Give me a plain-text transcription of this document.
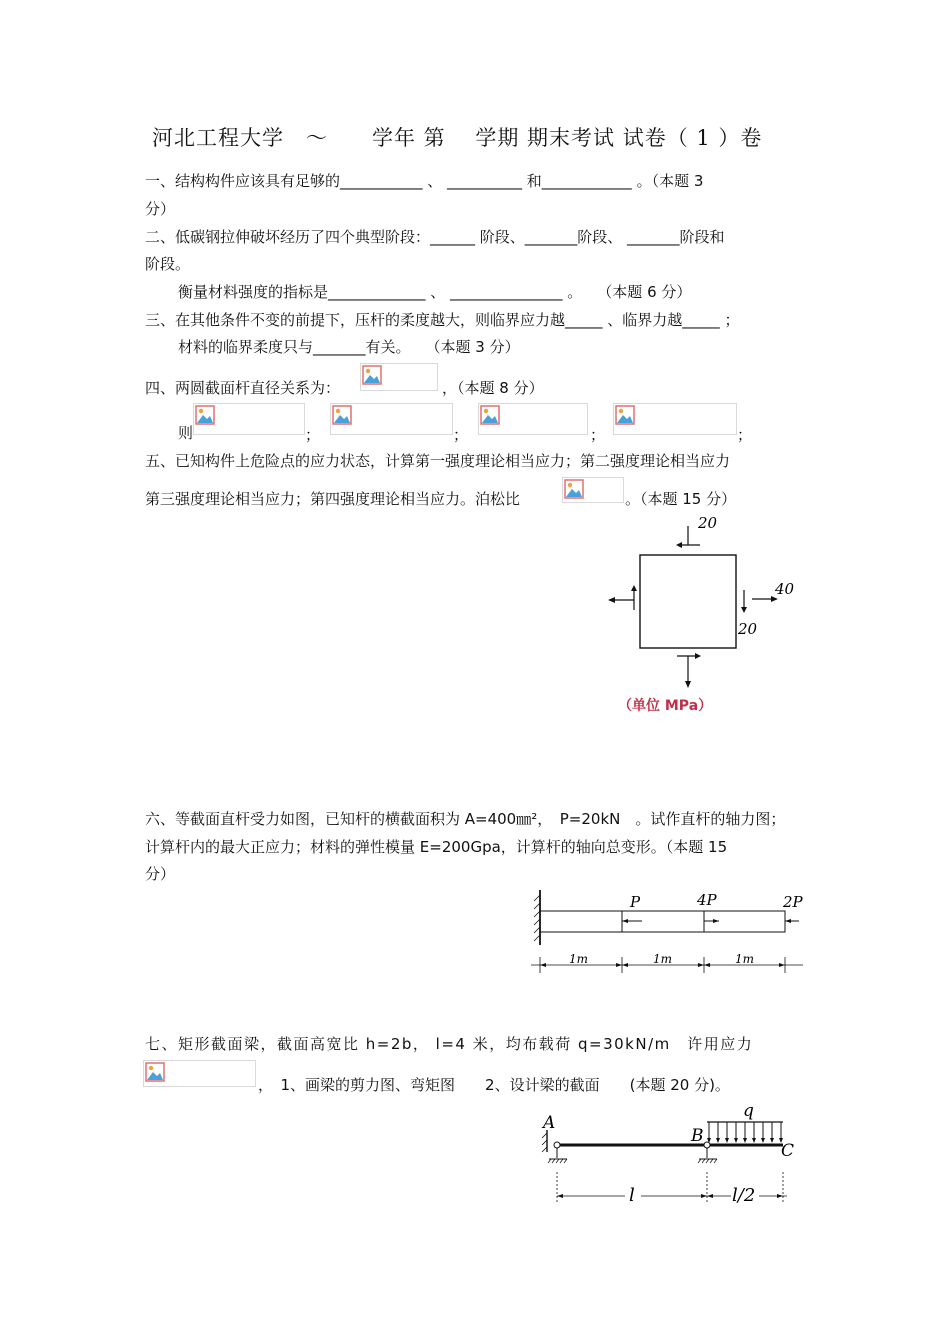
河北工程大学　～　　学年 第　 学期 期末考试 试卷（ 1 ）卷
一、结构构件应该具有足够的___________ 、 __________ 和____________ 。（本题 3
分）
二、低碳钢拉伸破坏经历了四个典型阶段：______ 阶段、_______阶段、 _______阶段和
阶段。
衡量材料强度的指标是_____________ 、 _______________ 。　　（本题 6 分）
三、在其他条件不变的前提下，压杆的柔度越大，则临界应力越_____ 、临界力越_____ ；
材料的临界柔度只与_______有关。　　（本题 3 分）
四、两圆截面杆直径关系为：	，（本题 8 分）
则	；	；	；	；
五、已知构件上危险点的应力状态，计算第一强度理论相当应力；第二强度理论相当应力
第三强度理论相当应力；第四强度理论相当应力。泊松比	。（本题 15 分）
20
40
20
（单位 MPa）
六、等截面直杆受力如图，已知杆的横截面积为 A=400㎜²，　P=20kN　。试作直杆的轴力图；
计算杆内的最大正应力；材料的弹性模量 E=200Gpa，计算杆的轴向总变形。（本题 15
分）
P	4P	2P
1m	1m	1m
七、矩形截面梁，截面高宽比 h=2b， l=4 米，均布载荷 q=30kN/m　许用应力
，　1、画梁的剪力图、弯矩图　　2、设计梁的截面　　(本题 20 分)。
q
A
B
C
l	l/2
